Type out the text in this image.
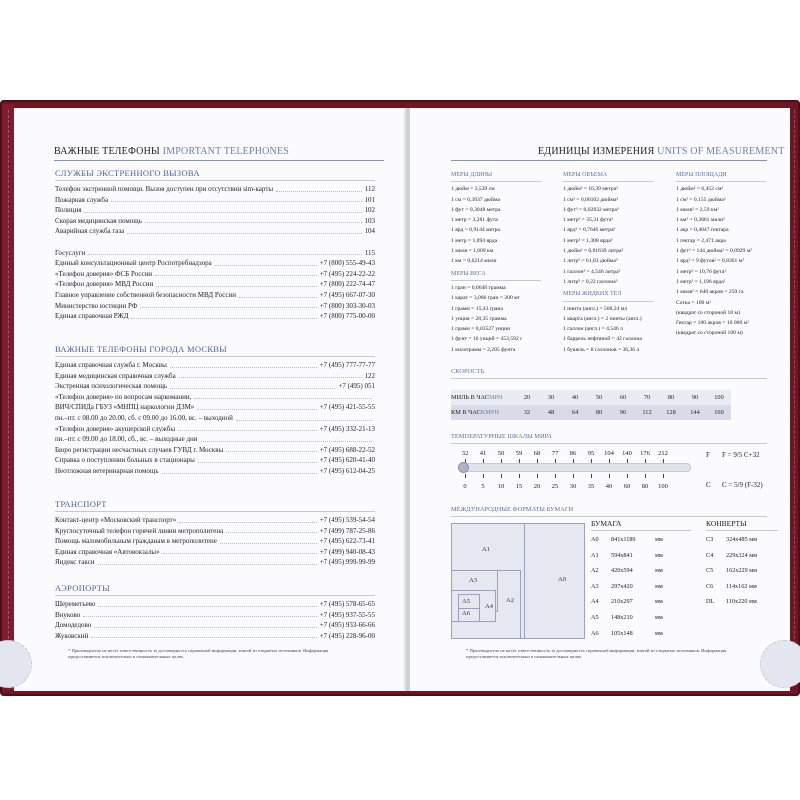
ВАЖНЫЕ ТЕЛЕФОНЫ IMPORTANT TELEPHONES
СЛУЖБЫ ЭКСТРЕННОГО ВЫЗОВА
Телефон экстренной помощи. Вызов доступен при отсутствии sim-карты	112
Пожарная служба	101
Полиция	102
Скорая медицинская помощь	103
Аварийная служба газа	104
Госуслуги	115
Единый консультационный центр Роспотребнадзора	+7 (800) 555-49-43
«Телефон доверия» ФСБ России	+7 (495) 224-22-22
«Телефон доверия» МВД России	+7 (800) 222-74-47
Главное управление собственной безопасности МВД России	+7 (495) 667-07-30
Министерство юстиции РФ	+7 (800) 303-30-03
Единая справочная РЖД	+7 (800) 775-00-00
ВАЖНЫЕ ТЕЛЕФОНЫ ГОРОДА МОСКВЫ
Единая справочная служба г. Москвы	+7 (495) 777-77-77
Единая медицинская справочная служба	122
Экстренная психологическая помощь	+7 (495) 051
«Телефон доверия» по вопросам наркомании,
ВИЧ/СПИДа ГБУЗ «МНПЦ наркологии ДЗМ»	+7 (495) 421-55-55
пн.–пт. с 08.00 до 20.00, сб. с 09.00 до 16.00, вс. – выходной
«Телефон доверия» акушерской службы	+7 (495) 332-21-13
пн.–пт. с 09.00 до 18.00, сб., вс. – выходные дни
Бюро регистрации несчастных случаев ГУВД г. Москвы	+7 (495) 688-22-52
Справка о поступлении больных в стационары	+7 (495) 620-41-40
Неотложная ветеринарная помощь	+7 (495) 612-04-25
ТРАНСПОРТ
Контакт-центр «Московский транспорт»	+7 (495) 539-54-54
Круглосуточный телефон горячей линии метрополитена	+7 (499) 787-25-86
Помощь маломобильным гражданам в метрополитене	+7 (495) 622-73-41
Единая справочная «Автовокзалы»	+7 (499) 940-08-43
Яндекс такси	+7 (495) 999-99-99
АЭРОПОРТЫ
Шереметьево	+7 (495) 578-65-65
Внуково	+7 (495) 937-55-55
Домодедово	+7 (495) 933-66-66
Жуковский	+7 (495) 228-96-00
* Производитель не несет ответственность за достоверность справочной информации, взятой из открытых источников. Информация предоставляется исключительно в ознакомительных целях.
ЕДИНИЦЫ ИЗМЕРЕНИЯ UNITS OF MEASUREMENT
МЕРЫ ДЛИНЫ
1 дюйм = 2,539 см
1 см = 0,3937 дюйма
1 фут = 0,3048 метра
1 метр = 3,281 фута
1 ярд = 0,9144 метра
1 метр = 1,094 ярда
1 миля = 1,609 км
1 км = 0,6214 мили
МЕРЫ ВЕСА
1 гран = 0,0648 грамма
1 карат = 3,086 гран = 200 мг
1 грамм = 15,43 грана
1 унция = 28,35 грамма
1 грамм = 0,03527 унции
1 фунт = 16 унций = 453,592 г
1 килограмм = 2,205 фунта
МЕРЫ ОБЪЕМА
1 дюйм³ = 16,39 метра³
1 см³ = 0,06102 дюйма³
1 фут³ = 0,02832 метра³
1 метр³ = 35,31 фута³
1 ярд³ = 0,7646 метра³
1 метр³ = 1,308 ярда³
1 дюйм³ = 0,01639 литра³
1 литр³ = 61,03 дюйма³
1 галлон³ = 4,546 литра³
1 литр³ = 0,22 галлона³
МЕРЫ ЖИДКИХ ТЕЛ
1 пинта (англ.) = 568,24 мл
1 кварта (англ.) = 2 пинты (англ.)
1 галлон (англ.) = 4,546 л
1 баррель нефтяной = 42 галлона
1 бушель = 8 галлонов = 36,36 л
МЕРЫ ПЛОЩАДИ
1 дюйм² = 6,452 см²
1 см² = 0,155 дюйма²
1 миля² = 2,59 км²
1 км² = 0,3861 мили²
1 акр = 0,4047 гектара
1 гектар = 2,471 акра
1 фут² = 144 дюйма² = 0,0929 м²
1 ярд² = 9 футов² = 0,8361 м²
1 метр² = 10,76 фута²
1 метр² = 1,196 ярда²
1 миля² = 640 акров = 259 га
Сотка = 100 м²
(квадрат со стороной 10 м)
Гектар = 100 акров = 10 000 м²
(квадрат со стороной 100 м)
СКОРОСТЬ
МИЛЬ В ЧАСMPH	20	30	40	50	60	70	80	90	100
КМ В ЧАСKMPH	32	48	64	80	96	112	128	144	160
ТЕМПЕРАТУРНЫЕ ШКАЛЫ МИРА
32
0
41
5
50
10
59
15
68
20
77
25
86
30
95
35
104
40
140
60
176
80
212
100
F F = 9/5 C+32
C C = 5/9 (F-32)
МЕЖДУНАРОДНЫЕ ФОРМАТЫ БУМАГИ
A0
A1
A2
A3
A4
A5
A6
БУМАГА
A0 841x1189	мм
A1 594x841	мм
A2 420x594	мм
A3 297x420	мм
A4 210x297	мм
A5 148x210	мм
A6 105x148	мм
КОНВЕРТЫ
C3 324x485 мм
C4 229x324 мм
C5 162x229 мм
C6 114x162 мм
DL 110x220 мм
* Производитель не несет ответственность за достоверность справочной информации, взятой из открытых источников. Информация предоставляется исключительно в ознакомительных целях.
